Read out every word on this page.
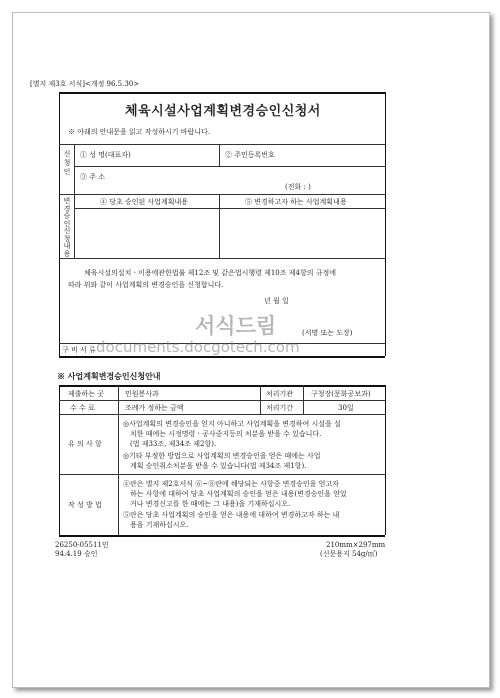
[별지 제3호 서식]<개정 96.5.30>
체육시설사업계획변경승인신청서
※ 아래의 안내문을 읽고 작성하시기 바랍니다.
신청인
① 성 명(대표자)	② 주민등록번호
③ 주 소
(전화 : )
변경승인신청내용
④ 당초 승인된 사업계획내용	⑤ 변경하고자 하는 사업계획내용
체육시설의설치ㆍ이용에관한법률 제12조 및 같은법시행령 제10조 제4항의 규정에
따라 위와 같이 사업계획의 변경승인을 신청합니다.
년 월 일
(서명 또는 도장)
구 비 서 류
서식드림
documents.docgotech.com
※ 사업계획변경승인신청안내
제출하는 곳	민원봉사과	처리기관	구청장(문화공보과)
수 수 료	조례가 정하는 금액	처리기간	30일
유 의 사 항
◎사업계획의 변경승인을 얻지 아니하고 사업계획을 변경하여 시설을 설
치한 때에는 시정명령ㆍ공사중지등의 처분을 받을 수 있습니다.
(법 제33조, 제34조 제2항).
◎기타 부정한 방법으로 사업계획의 변경승인을 얻은 때에는 사업
계획 승인취소처분을 받을 수 있습니다(법 제34조 제1항).
작 성 방 법
④란은 별지 제2호서식 ⑥~⑧란에 해당되는 사항중 변경승인을 얻고자
하는 사항에 대하여 당초 사업계획의 승인을 얻은 내용(변경승인을 얻었
거나 변경신고를 한 때에는 그 내용)을 기재하십시오.
⑤란은 당초 사업계획의 승인을 얻은 내용에 대하여 변경하고자 하는 내
용을 기재하십시오.
26250-05511민
94.4.19 승인
210mm×297mm
(신문용지 54g/㎡)
